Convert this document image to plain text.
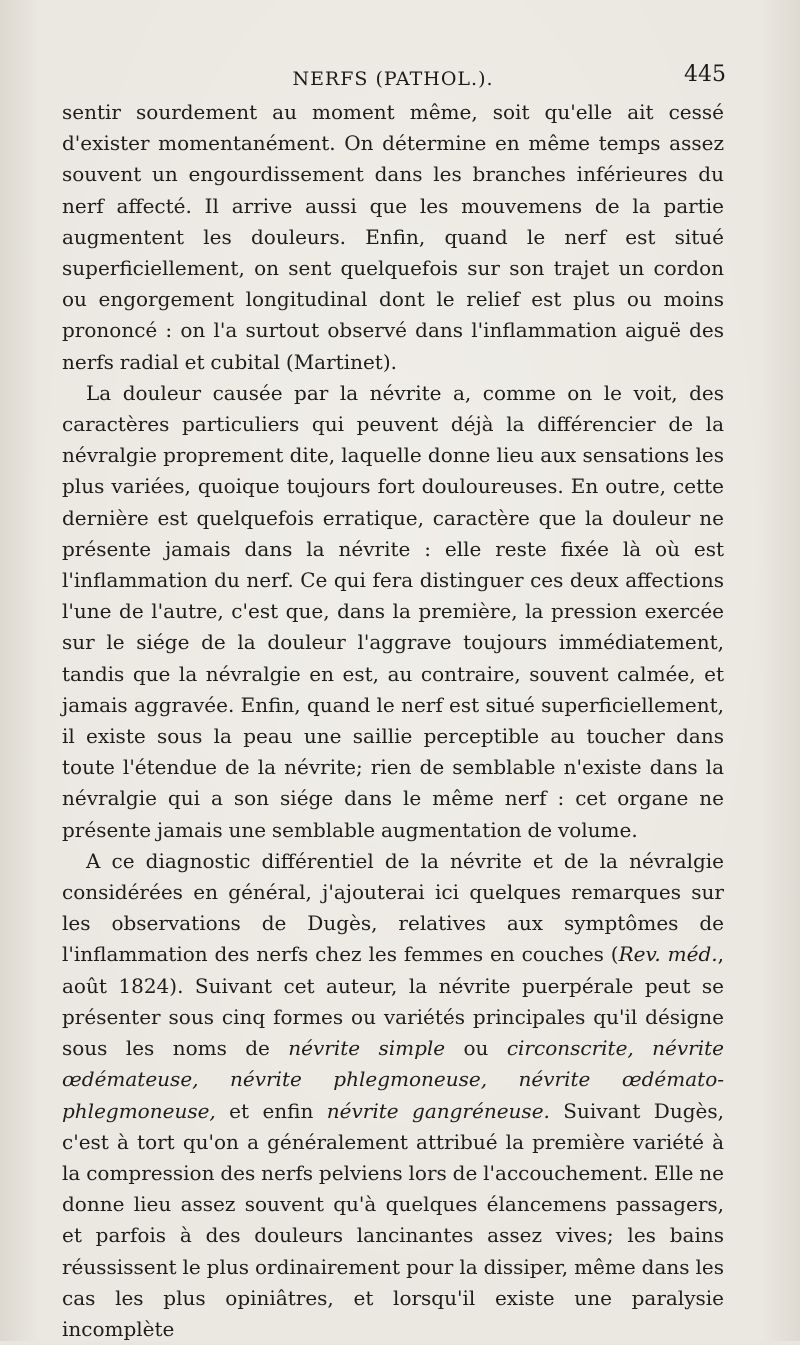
NERFS (PATHOL.).	445

sentir sourdement au moment même, soit qu'elle ait cessé d'exister momentanément. On détermine en même temps assez souvent un engourdissement dans les branches inférieures du nerf affecté. Il arrive aussi que les mouvemens de la partie augmentent les douleurs. Enfin, quand le nerf est situé superficiellement, on sent quelquefois sur son trajet un cordon ou engorgement longitudinal dont le relief est plus ou moins prononcé : on l'a surtout observé dans l'inflammation aiguë des nerfs radial et cubital (Martinet).

La douleur causée par la névrite a, comme on le voit, des caractères particuliers qui peuvent déjà la différencier de la névralgie proprement dite, laquelle donne lieu aux sensations les plus variées, quoique toujours fort douloureuses. En outre, cette dernière est quelquefois erratique, caractère que la douleur ne présente jamais dans la névrite : elle reste fixée là où est l'inflammation du nerf. Ce qui fera distinguer ces deux affections l'une de l'autre, c'est que, dans la première, la pression exercée sur le siége de la douleur l'aggrave toujours immédiatement, tandis que la névralgie en est, au contraire, souvent calmée, et jamais aggravée. Enfin, quand le nerf est situé superficiellement, il existe sous la peau une saillie perceptible au toucher dans toute l'étendue de la névrite; rien de semblable n'existe dans la névralgie qui a son siége dans le même nerf : cet organe ne présente jamais une semblable augmentation de volume.

A ce diagnostic différentiel de la névrite et de la névralgie considérées en général, j'ajouterai ici quelques remarques sur les observations de Dugès, relatives aux symptômes de l'inflammation des nerfs chez les femmes en couches (Rev. méd., août 1824). Suivant cet auteur, la névrite puerpérale peut se présenter sous cinq formes ou variétés principales qu'il désigne sous les noms de névrite simple ou circonscrite, névrite œdémateuse, névrite phlegmoneuse, névrite œdémato-phlegmoneuse, et enfin névrite gangréneuse. Suivant Dugès, c'est à tort qu'on a généralement attribué la première variété à la compression des nerfs pelviens lors de l'accouchement. Elle ne donne lieu assez souvent qu'à quelques élancemens passagers, et parfois à des douleurs lancinantes assez vives; les bains réussissent le plus ordinairement pour la dissiper, même dans les cas les plus opiniâtres, et lorsqu'il existe une paralysie incomplète
